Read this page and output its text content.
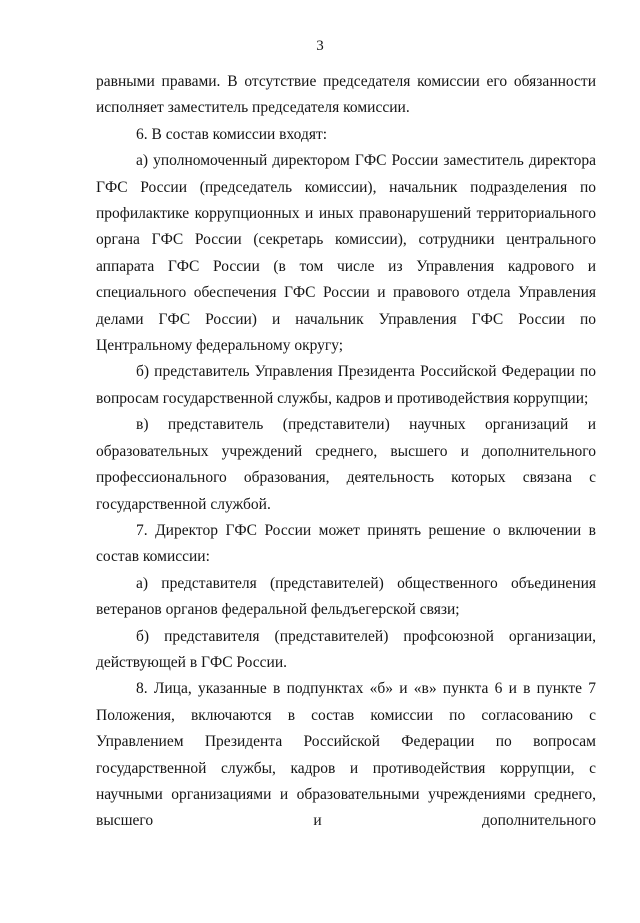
3

равными правами. В отсутствие председателя комиссии его обязанности исполняет заместитель председателя комиссии.

6. В состав комиссии входят:

а) уполномоченный директором ГФС России заместитель директора ГФС России (председатель комиссии), начальник подразделения по профилактике коррупционных и иных правонарушений территориального органа ГФС России (секретарь комиссии), сотрудники центрального аппарата ГФС России (в том числе из Управления кадрового и специального обеспечения ГФС России и правового отдела Управления делами ГФС России) и начальник Управления ГФС России по Центральному федеральному округу;

б) представитель Управления Президента Российской Федерации по вопросам государственной службы, кадров и противодействия коррупции;

в) представитель (представители) научных организаций и образовательных учреждений среднего, высшего и дополнительного профессионального образования, деятельность которых связана с государственной службой.

7. Директор ГФС России может принять решение о включении в состав комиссии:

а) представителя (представителей) общественного объединения ветеранов органов федеральной фельдъегерской связи;

б) представителя (представителей) профсоюзной организации, действующей в ГФС России.

8. Лица, указанные в подпунктах «б» и «в» пункта 6 и в пункте 7 Положения, включаются в состав комиссии по согласованию с Управлением Президента Российской Федерации по вопросам государственной службы, кадров и противодействия коррупции, с научными организациями и образовательными учреждениями среднего, высшего и дополнительного
